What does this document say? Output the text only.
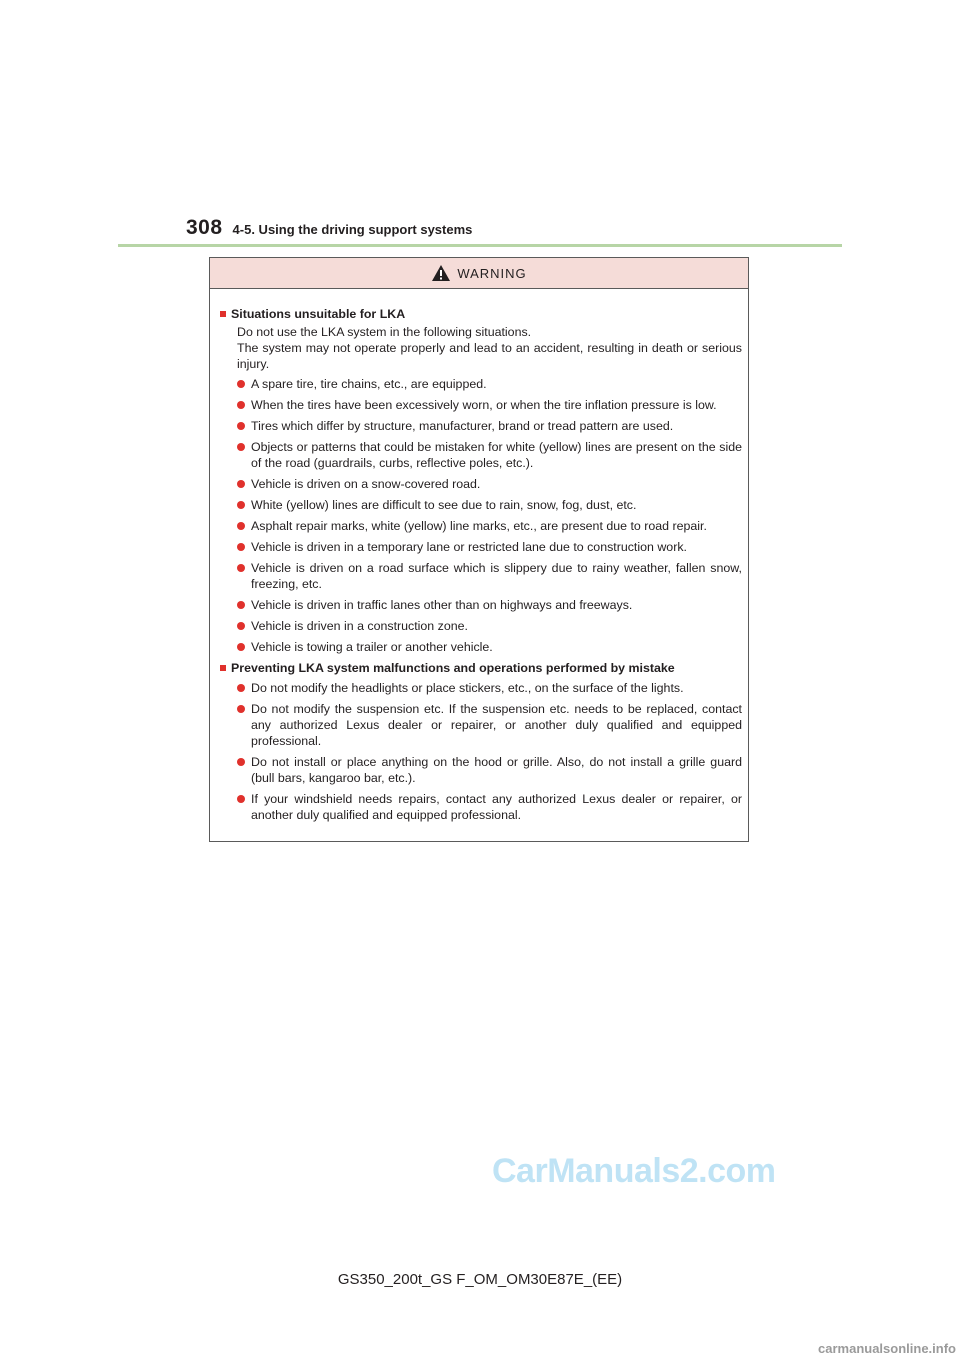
308 4-5. Using the driving support systems
WARNING
Situations unsuitable for LKA

Do not use the LKA system in the following situations.
The system may not operate properly and lead to an accident, resulting in death or serious injury.

A spare tire, tire chains, etc., are equipped.
When the tires have been excessively worn, or when the tire inflation pressure is low.
Tires which differ by structure, manufacturer, brand or tread pattern are used.
Objects or patterns that could be mistaken for white (yellow) lines are present on the side of the road (guardrails, curbs, reflective poles, etc.).
Vehicle is driven on a snow-covered road.
White (yellow) lines are difficult to see due to rain, snow, fog, dust, etc.
Asphalt repair marks, white (yellow) line marks, etc., are present due to road repair.
Vehicle is driven in a temporary lane or restricted lane due to construction work.
Vehicle is driven on a road surface which is slippery due to rainy weather, fallen snow, freezing, etc.
Vehicle is driven in traffic lanes other than on highways and freeways.
Vehicle is driven in a construction zone.
Vehicle is towing a trailer or another vehicle.
Preventing LKA system malfunctions and operations performed by mistake
Do not modify the headlights or place stickers, etc., on the surface of the lights.
Do not modify the suspension etc. If the suspension etc. needs to be replaced, contact any authorized Lexus dealer or repairer, or another duly qualified and equipped professional.
Do not install or place anything on the hood or grille. Also, do not install a grille guard (bull bars, kangaroo bar, etc.).
If your windshield needs repairs, contact any authorized Lexus dealer or repairer, or another duly qualified and equipped professional.
CarManuals2.com
GS350_200t_GS F_OM_OM30E87E_(EE)
carmanualsonline.info
